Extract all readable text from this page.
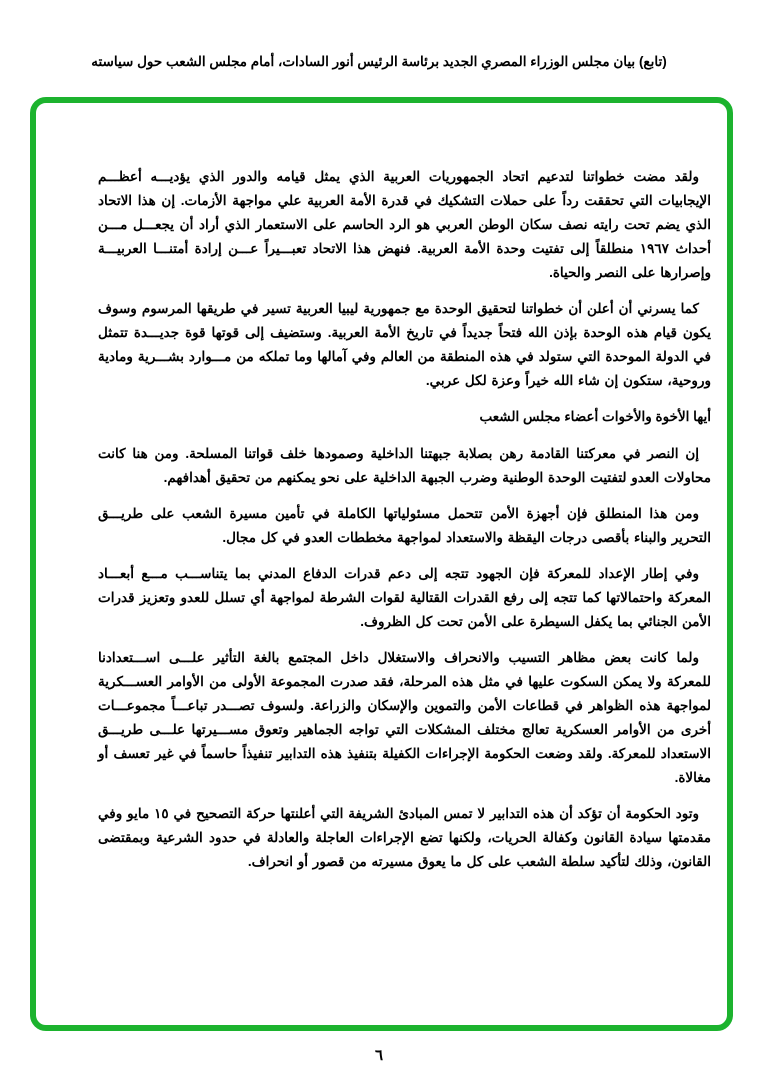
(تابع) بيان مجلس الوزراء المصري الجديد برئاسة الرئيس أنور السادات، أمام مجلس الشعب حول سياسته

ولقد مضت خطواتنا لتدعيم اتحاد الجمهوريات العربية الذي يمثل قيامه والدور الذي يؤديـــه أعظـــم الإيجابيات التي تحققت رداً على حملات التشكيك في قدرة الأمة العربية علي مواجهة الأزمات. إن هذا الاتحاد الذي يضم تحت رايته نصف سكان الوطن العربي هو الرد الحاسم على الاستعمار الذي أراد أن يجعـــل مـــن أحداث ١٩٦٧ منطلقاً إلى تفتيت وحدة الأمة العربية. فنهض هذا الاتحاد تعبـــيراً عـــن إرادة أمتنـــا العربيـــة وإصرارها على النصر والحياة.

كما يسرني أن أعلن أن خطواتنا لتحقيق الوحدة مع جمهورية ليبيا العربية تسير في طريقها المرسوم وسوف يكون قيام هذه الوحدة بإذن الله فتحاً جديداً في تاريخ الأمة العربية. وستضيف إلى قوتها قوة جديـــدة تتمثل في الدولة الموحدة التي ستولد في هذه المنطقة من العالم وفي آمالها وما تملكه من مـــوارد بشـــرية ومادية وروحية، ستكون إن شاء الله خيراً وعزة لكل عربي.

أيها الأخوة والأخوات أعضاء مجلس الشعب

إن النصر في معركتنا القادمة رهن بصلابة جبهتنا الداخلية وصمودها خلف قواتنا المسلحة. ومن هنا كانت محاولات العدو لتفتيت الوحدة الوطنية وضرب الجبهة الداخلية على نحو يمكنهم من تحقيق أهدافهم.

ومن هذا المنطلق فإن أجهزة الأمن تتحمل مسئولياتها الكاملة في تأمين مسيرة الشعب على طريـــق التحرير والبناء بأقصى درجات اليقظة والاستعداد لمواجهة مخططات العدو في كل مجال.

وفي إطار الإعداد للمعركة فإن الجهود تتجه إلى دعم قدرات الدفاع المدني بما يتناســـب مـــع أبعـــاد المعركة واحتمالاتها كما تتجه إلى رفع القدرات القتالية لقوات الشرطة لمواجهة أي تسلل للعدو وتعزيز قدرات الأمن الجنائي بما يكفل السيطرة على الأمن تحت كل الظروف.

ولما كانت بعض مظاهر التسيب والانحراف والاستغلال داخل المجتمع بالغة التأثير علـــى اســـتعدادنا للمعركة ولا يمكن السكوت عليها في مثل هذه المرحلة، فقد صدرت المجموعة الأولى من الأوامر العســـكرية لمواجهة هذه الظواهر في قطاعات الأمن والتموين والإسكان والزراعة. ولسوف تصـــدر تباعـــاً مجموعـــات أخرى من الأوامر العسكرية تعالج مختلف المشكلات التي تواجه الجماهير وتعوق مســـيرتها علـــى طريـــق الاستعداد للمعركة. ولقد وضعت الحكومة الإجراءات الكفيلة بتنفيذ هذه التدابير تنفيذاً حاسماً في غير تعسف أو مغالاة.

وتود الحكومة أن تؤكد أن هذه التدابير لا تمس المبادئ الشريفة التي أعلنتها حركة التصحيح في ١٥ مايو وفي مقدمتها سيادة القانون وكفالة الحريات، ولكنها تضع الإجراءات العاجلة والعادلة في حدود الشرعية وبمقتضى القانون، وذلك لتأكيد سلطة الشعب على كل ما يعوق مسيرته من قصور أو انحراف.

٦
